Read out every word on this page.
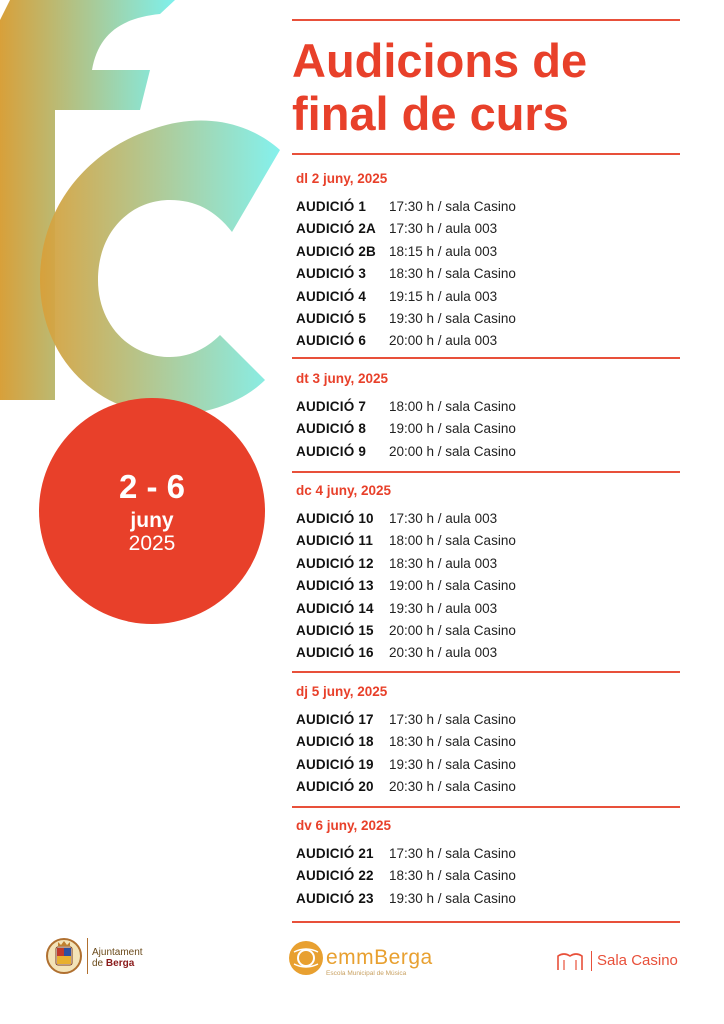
2 - 6
juny
2025
Audicions de
final de curs
dl 2 juny, 2025
AUDICIÓ 1 17:30 h / sala Casino
AUDICIÓ 2A 17:30 h / aula 003
AUDICIÓ 2B 18:15 h / aula 003
AUDICIÓ 3 18:30 h / sala Casino
AUDICIÓ 4 19:15 h / aula 003
AUDICIÓ 5 19:30 h / sala Casino
AUDICIÓ 6 20:00 h / aula 003
dt 3 juny, 2025
AUDICIÓ 7 18:00 h / sala Casino
AUDICIÓ 8 19:00 h / sala Casino
AUDICIÓ 9 20:00 h / sala Casino
dc 4 juny, 2025
AUDICIÓ 10 17:30 h / aula 003
AUDICIÓ 11 18:00 h / sala Casino
AUDICIÓ 12 18:30 h / aula 003
AUDICIÓ 13 19:00 h / sala Casino
AUDICIÓ 14 19:30 h / aula 003
AUDICIÓ 15 20:00 h / sala Casino
AUDICIÓ 16 20:30 h / aula 003
dj 5 juny, 2025
AUDICIÓ 17 17:30 h / sala Casino
AUDICIÓ 18 18:30 h / sala Casino
AUDICIÓ 19 19:30 h / sala Casino
AUDICIÓ 20 20:30 h / sala Casino
dv 6 juny, 2025
AUDICIÓ 21 17:30 h / sala Casino
AUDICIÓ 22 18:30 h / sala Casino
AUDICIÓ 23 19:30 h / sala Casino
Ajuntament
de Berga	emmBerga
Escola Municipal de Música
Sala Casino
